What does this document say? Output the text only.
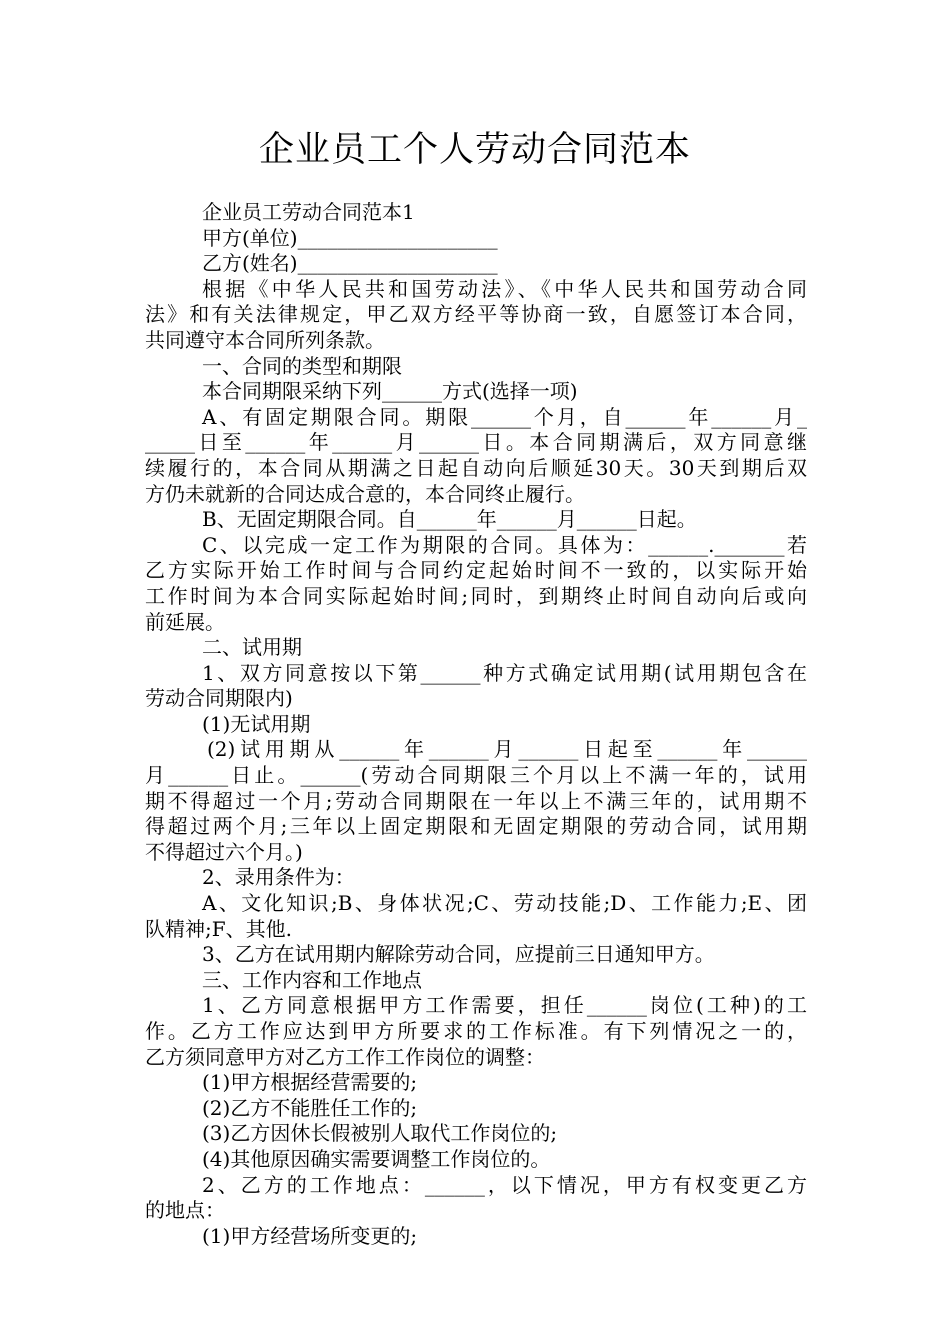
企业员工个人劳动合同范本
企业员工劳动合同范本1
甲方(单位)____________________
乙方(姓名)____________________
根据《中华人民共和国劳动法》、《中华人民共和国劳动合同
法》和有关法律规定，甲乙双方经平等协商一致，自愿签订本合同，
共同遵守本合同所列条款。
一、合同的类型和期限
本合同期限采纳下列______方式(选择一项)
A、有固定期限合同。期限______个月，自______年______月_
_____日至______年______月______日。本合同期满后，双方同意继
续履行的，本合同从期满之日起自动向后顺延30天。30天到期后双
方仍未就新的合同达成合意的，本合同终止履行。
B、无固定期限合同。自______年______月______日起。
C、以完成一定工作为期限的合同。具体为：______._______若
乙方实际开始工作时间与合同约定起始时间不一致的，以实际开始
工作时间为本合同实际起始时间;同时，到期终止时间自动向后或向
前延展。
二、试用期
1、双方同意按以下第______种方式确定试用期(试用期包含在
劳动合同期限内)
(1)无试用期
(2)试用期从______年______月______日起至______年______
月______日止。______(劳动合同期限三个月以上不满一年的，试用
期不得超过一个月;劳动合同期限在一年以上不满三年的，试用期不
得超过两个月;三年以上固定期限和无固定期限的劳动合同，试用期
不得超过六个月。)
2、录用条件为：
A、文化知识;B、身体状况;C、劳动技能;D、工作能力;E、团
队精神;F、其他.
3、乙方在试用期内解除劳动合同，应提前三日通知甲方。
三、工作内容和工作地点
1、乙方同意根据甲方工作需要，担任______岗位(工种)的工
作。乙方工作应达到甲方所要求的工作标准。有下列情况之一的，
乙方须同意甲方对乙方工作工作岗位的调整：
(1)甲方根据经营需要的;
(2)乙方不能胜任工作的;
(3)乙方因休长假被别人取代工作岗位的;
(4)其他原因确实需要调整工作岗位的。
2、乙方的工作地点：______，以下情况，甲方有权变更乙方
的地点：
(1)甲方经营场所变更的;
